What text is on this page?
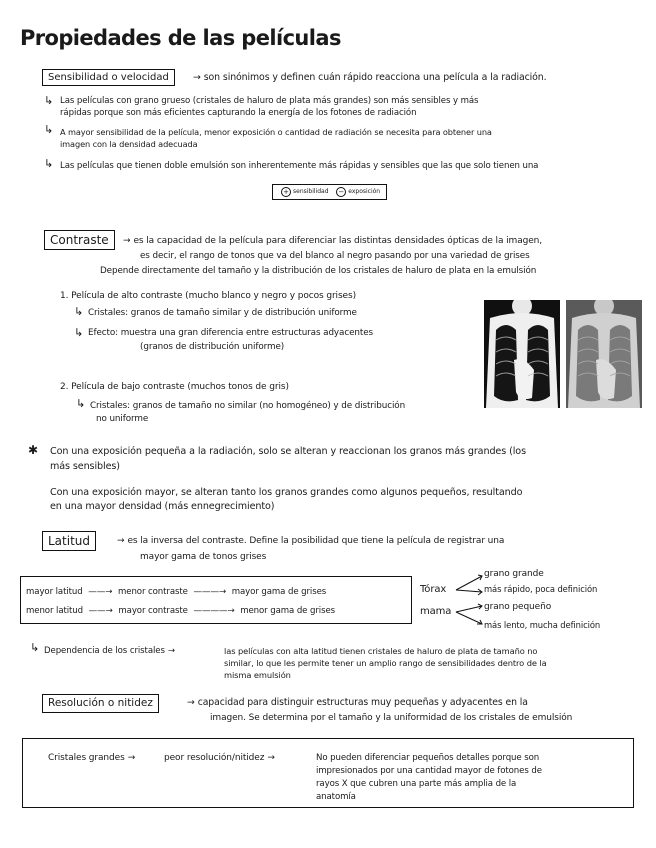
Propiedades de las películas
Sensibilidad o velocidad	→ son sinónimos y definen cuán rápido reacciona una película a la radiación.
↳ Las películas con grano grueso (cristales de haluro de plata más grandes) son más sensibles y más
rápidas porque son más eficientes capturando la energía de los fotones de radiación
↳ A mayor sensibilidad de la película, menor exposición o cantidad de radiación se necesita para obtener una
imagen con la densidad adecuada
↳ Las películas que tienen doble emulsión son inherentemente más rápidas y sensibles que las que solo tienen una
+ sensibilidad − exposición
Contraste	→ es la capacidad de la película para diferenciar las distintas densidades ópticas de la imagen,
es decir, el rango de tonos que va del blanco al negro pasando por una variedad de grises
Depende directamente del tamaño y la distribución de los cristales de haluro de plata en la emulsión
1. Película de alto contraste (mucho blanco y negro y pocos grises)
↳ Cristales: granos de tamaño similar y de distribución uniforme
↳ Efecto: muestra una gran diferencia entre estructuras adyacentes
(granos de distribución uniforme)
2. Película de bajo contraste (muchos tonos de gris)
↳ Cristales: granos de tamaño no similar (no homogéneo) y de distribución
no uniforme
✱ Con una exposición pequeña a la radiación, solo se alteran y reaccionan los granos más grandes (los
más sensibles)
Con una exposición mayor, se alteran tanto los granos grandes como algunos pequeños, resultando
en una mayor densidad (más ennegrecimiento)
Latitud	→ es la inversa del contraste. Define la posibilidad que tiene la película de registrar una
mayor gama de tonos grises
mayor latitud ——→ menor contraste ———→ mayor gama de grises
menor latitud ——→ mayor contraste ————→ menor gama de grises
Tórax
mama
grano grande
más rápido, poca definición
grano pequeño
más lento, mucha definición
↳ Dependencia de los cristales →	las películas con alta latitud tienen cristales de haluro de plata de tamaño no
similar, lo que les permite tener un amplio rango de sensibilidades dentro de la
misma emulsión
Resolución o nitidez	→ capacidad para distinguir estructuras muy pequeñas y adyacentes en la
imagen. Se determina por el tamaño y la uniformidad de los cristales de emulsión
Cristales grandes →	peor resolución/nitidez →	No pueden diferenciar pequeños detalles porque son
impresionados por una cantidad mayor de fotones de
rayos X que cubren una parte más amplia de la
anatomía
